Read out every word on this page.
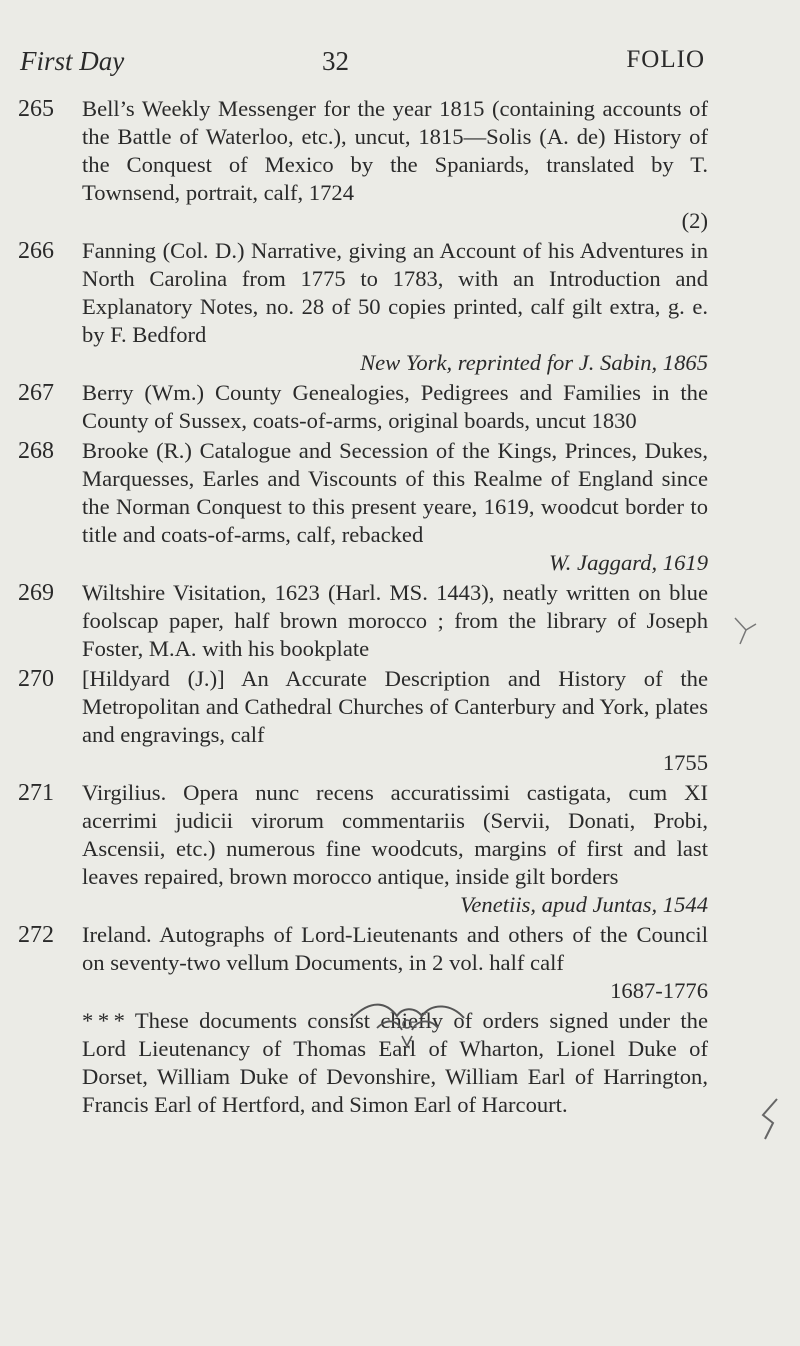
First Day	32	FOLIO
265	Bell’s Weekly Messenger for the year 1815 (containing accounts of the Battle of Waterloo, etc.), uncut, 1815—Solis (A. de) History of the Conquest of Mexico by the Spaniards, translated by T. Townsend, portrait, calf, 1724
(2)
266	Fanning (Col. D.) Narrative, giving an Account of his Adventures in North Carolina from 1775 to 1783, with an Introduction and Explanatory Notes, no. 28 of 50 copies printed, calf gilt extra, g. e. by F. Bedford
New York, reprinted for J. Sabin, 1865
267	Berry (Wm.) County Genealogies, Pedigrees and Families in the County of Sussex, coats-of-arms, original boards, uncut 1830
268	Brooke (R.) Catalogue and Secession of the Kings, Princes, Dukes, Marquesses, Earles and Viscounts of this Realme of England since the Norman Conquest to this present yeare, 1619, woodcut border to title and coats-of-arms, calf, rebacked
W. Jaggard, 1619
269	Wiltshire Visitation, 1623 (Harl. MS. 1443), neatly written on blue foolscap paper, half brown morocco ; from the library of Joseph Foster, M.A. with his bookplate
270	[Hildyard (J.)] An Accurate Description and History of the Metropolitan and Cathedral Churches of Canterbury and York, plates and engravings, calf
1755
271	Virgilius. Opera nunc recens accuratissimi castigata, cum XI acerrimi judicii virorum commentariis (Servii, Donati, Probi, Ascensii, etc.) numerous fine woodcuts, margins of first and last leaves repaired, brown morocco antique, inside gilt borders
Venetiis, apud Juntas, 1544
272	Ireland. Autographs of Lord-Lieutenants and others of the Council on seventy-two vellum Documents, in 2 vol. half calf
1687-1776
* * * These documents consist chiefly of orders signed under the Lord Lieutenancy of Thomas Earl of Wharton, Lionel Duke of Dorset, William Duke of Devonshire, William Earl of Harrington, Francis Earl of Hertford, and Simon Earl of Harcourt.
